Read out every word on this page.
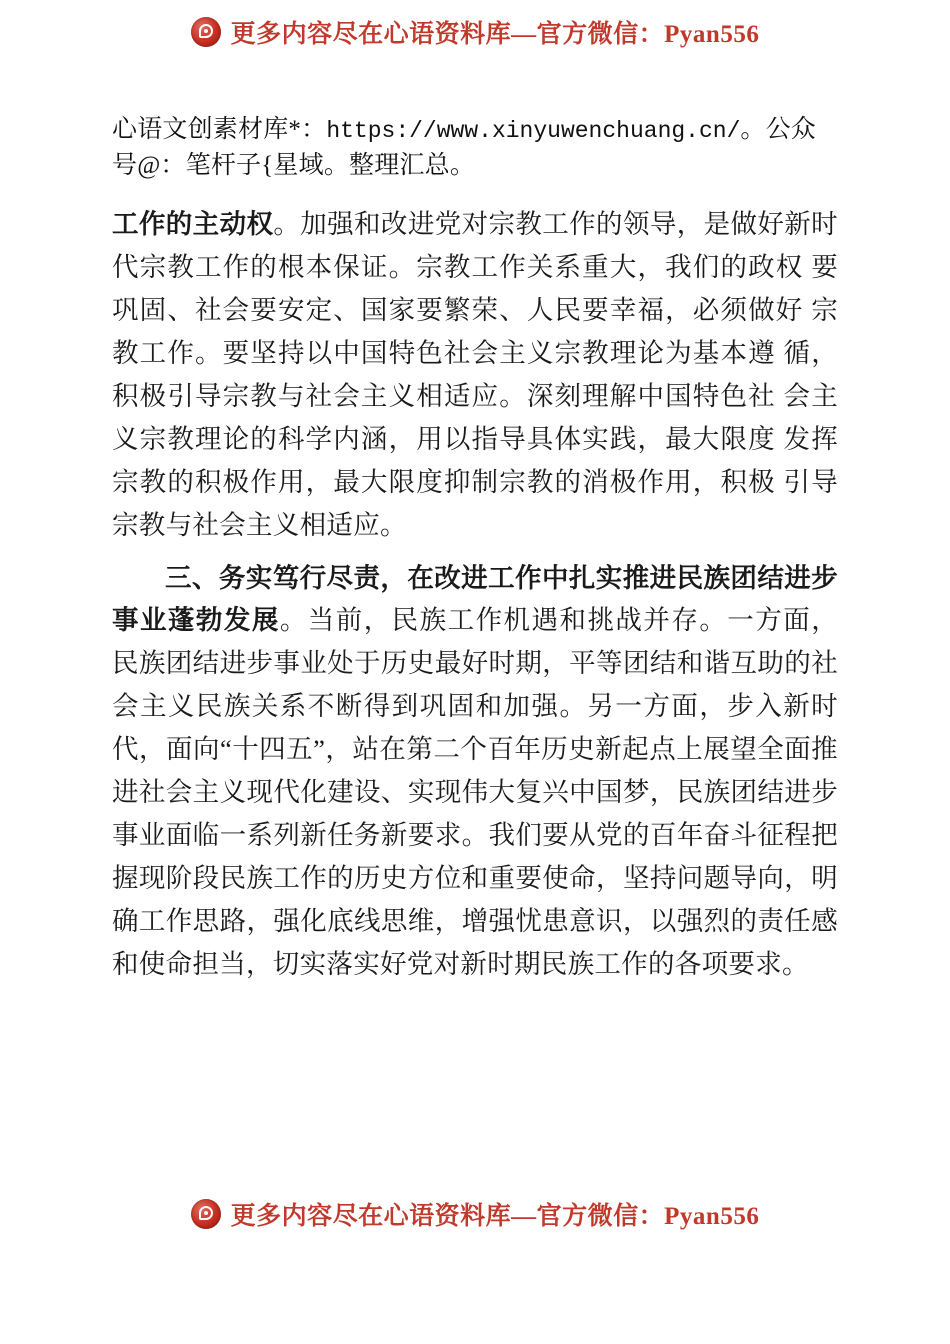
更多内容尽在心语资料库—官方微信：Pyan556
心语文创素材库*：https://www.xinyuwenchuang.cn/。公众号@：笔杆子{星域。整理汇总。

工作的主动权。加强和改进党对宗教工作的领导，是做好新时代宗教工作的根本保证。宗教工作关系重大，我们的政权 要巩固、社会要安定、国家要繁荣、人民要幸福，必须做好 宗教工作。要坚持以中国特色社会主义宗教理论为基本遵 循，积极引导宗教与社会主义相适应。深刻理解中国特色社 会主义宗教理论的科学内涵，用以指导具体实践，最大限度 发挥宗教的积极作用，最大限度抑制宗教的消极作用，积极 引导宗教与社会主义相适应。

三、务实笃行尽责，在改进工作中扎实推进民族团结进步事业蓬勃发展。当前，民族工作机遇和挑战并存。一方面， 民族团结进步事业处于历史最好时期，平等团结和谐互助的社会主义民族关系不断得到巩固和加强。另一方面，步入新时代，面向“十四五”，站在第二个百年历史新起点上展望全面推进社会主义现代化建设、实现伟大复兴中国梦，民族团结进步事业面临一系列新任务新要求。我们要从党的百年奋斗征程把握现阶段民族工作的历史方位和重要使命，坚持问题导向，明确工作思路，强化底线思维，增强忧患意识，以强烈的责任感和使命担当，切实落实好党对新时期民族工作的各项要求。

更多内容尽在心语资料库—官方微信：Pyan556
